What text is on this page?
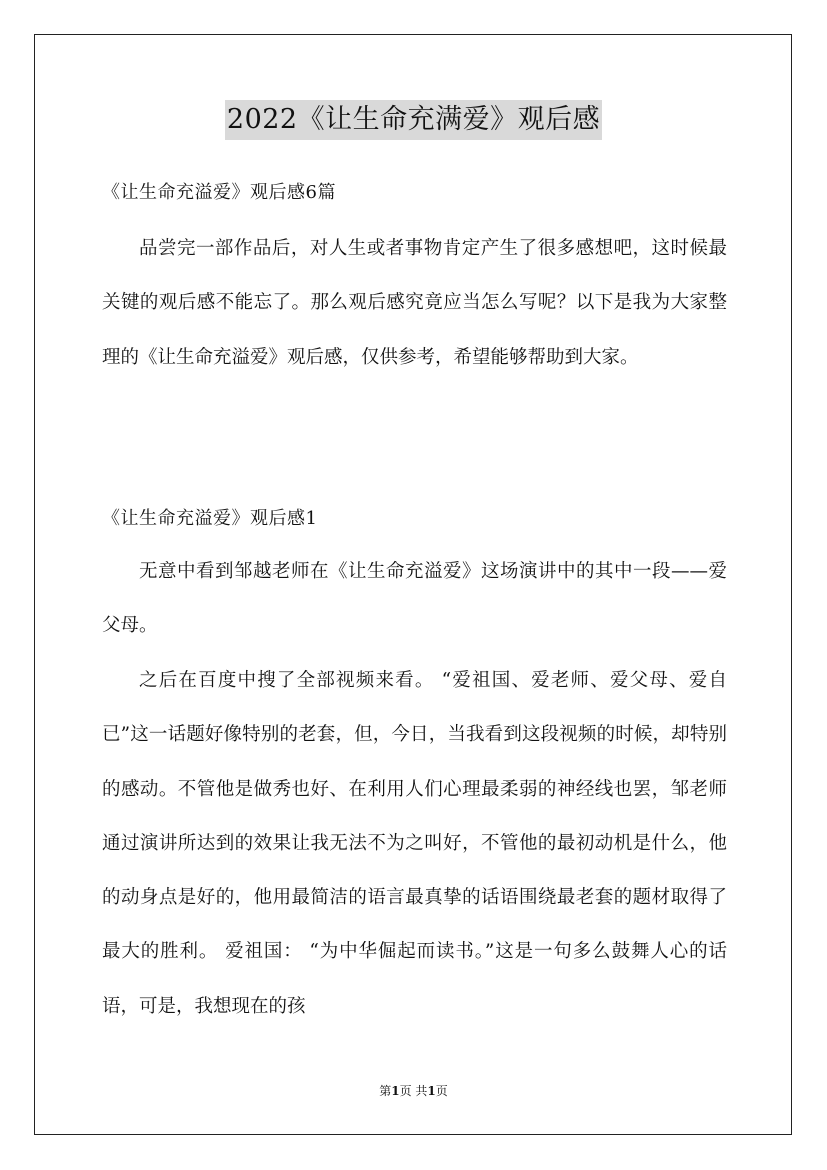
2022《让生命充满爱》观后感
《让生命充溢爱》观后感6篇

品尝完一部作品后，对人生或者事物肯定产生了很多感想吧，这时候最关键的观后感不能忘了。那么观后感究竟应当怎么写呢？以下是我为大家整理的《让生命充溢爱》观后感，仅供参考，希望能够帮助到大家。

《让生命充溢爱》观后感1

无意中看到邹越老师在《让生命充溢爱》这场演讲中的其中一段——爱父母。

之后在百度中搜了全部视频来看。 “爱祖国、爱老师、爱父母、爱自已”这一话题好像特别的老套，但，今日，当我看到这段视频的时候，却特别的感动。不管他是做秀也好、在利用人们心理最柔弱的神经线也罢，邹老师通过演讲所达到的效果让我无法不为之叫好，不管他的最初动机是什么，他的动身点是好的，他用最简洁的语言最真挚的话语围绕最老套的题材取得了最大的胜利。 爱祖国： “为中华倔起而读书。”这是一句多么鼓舞人心的话语，可是，我想现在的孩

第1页 共1页
